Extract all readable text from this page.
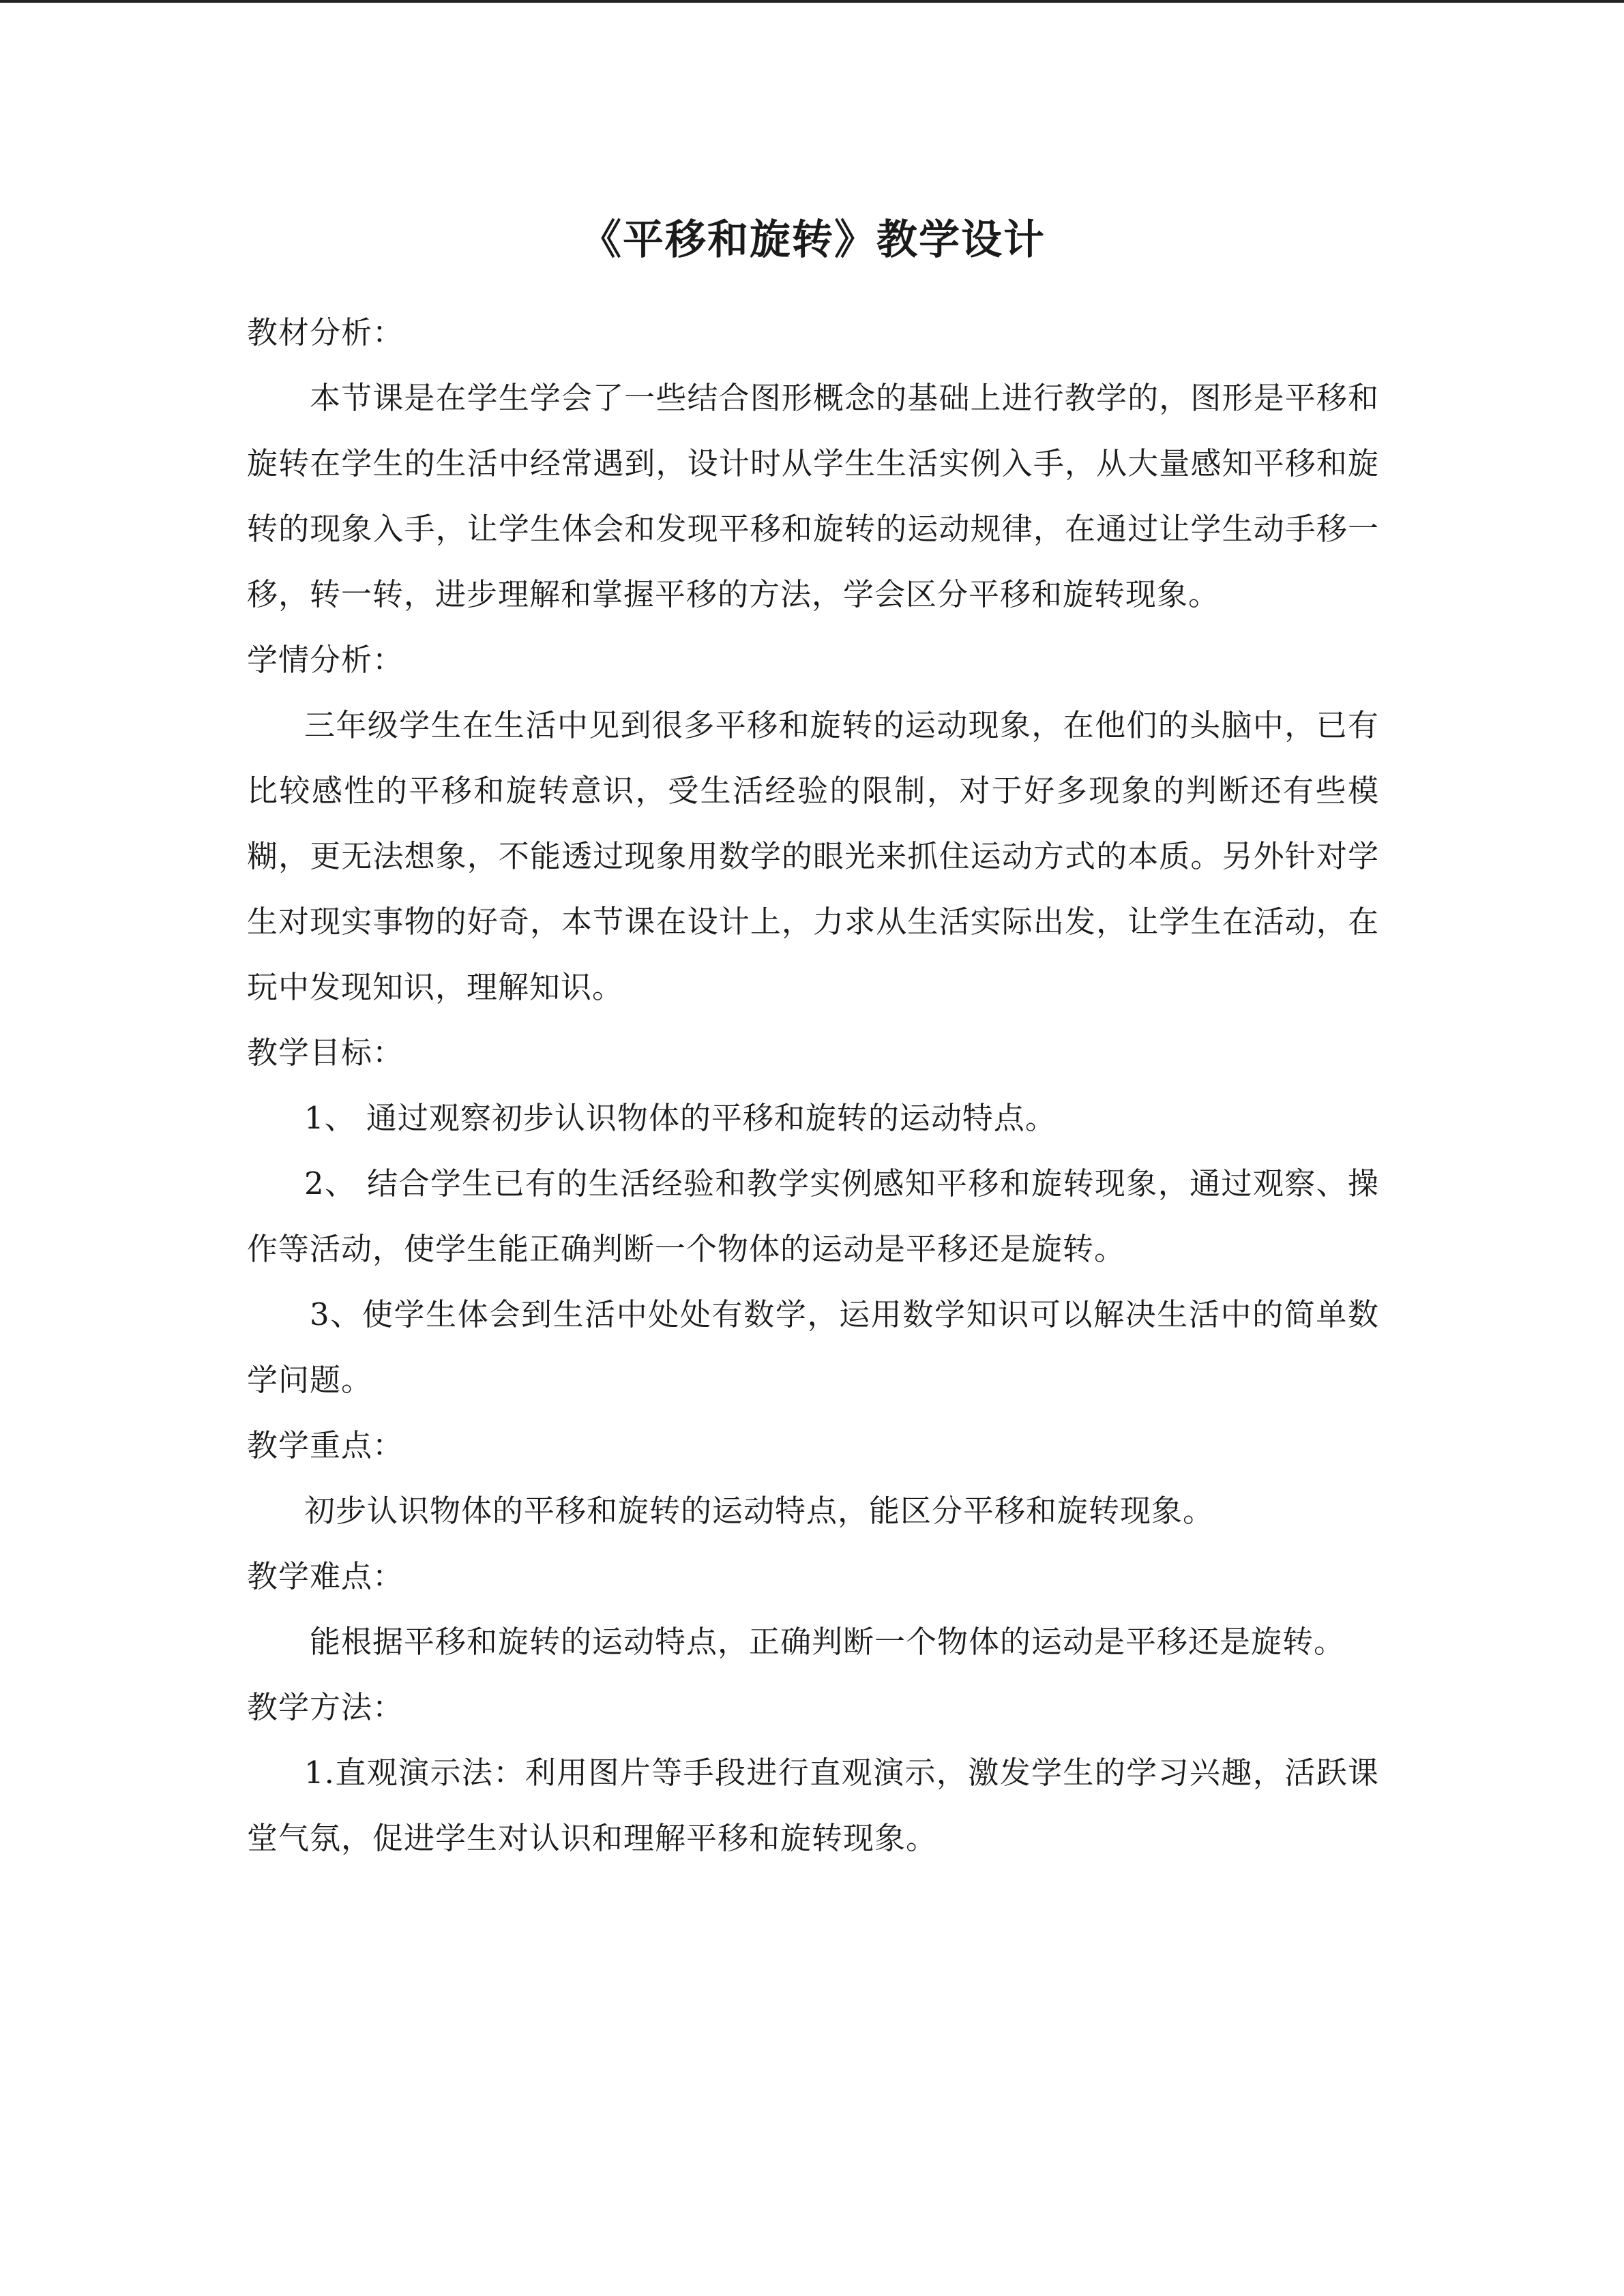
《平移和旋转》教学设计

教材分析：

本节课是在学生学会了一些结合图形概念的基础上进行教学的，图形是平移和旋转在学生的生活中经常遇到，设计时从学生生活实例入手，从大量感知平移和旋转的现象入手，让学生体会和发现平移和旋转的运动规律，在通过让学生动手移一移，转一转，进步理解和掌握平移的方法，学会区分平移和旋转现象。

学情分析：

三年级学生在生活中见到很多平移和旋转的运动现象，在他们的头脑中，已有比较感性的平移和旋转意识，受生活经验的限制，对于好多现象的判断还有些模糊，更无法想象，不能透过现象用数学的眼光来抓住运动方式的本质。另外针对学生对现实事物的好奇，本节课在设计上，力求从生活实际出发，让学生在活动，在玩中发现知识，理解知识。

教学目标：

1、 通过观察初步认识物体的平移和旋转的运动特点。

2、 结合学生已有的生活经验和教学实例感知平移和旋转现象，通过观察、操作等活动，使学生能正确判断一个物体的运动是平移还是旋转。

3、使学生体会到生活中处处有数学，运用数学知识可以解决生活中的简单数学问题。

教学重点：

初步认识物体的平移和旋转的运动特点，能区分平移和旋转现象。

教学难点：

能根据平移和旋转的运动特点，正确判断一个物体的运动是平移还是旋转。

教学方法：

1.直观演示法：利用图片等手段进行直观演示，激发学生的学习兴趣，活跃课堂气氛，促进学生对认识和理解平移和旋转现象。
